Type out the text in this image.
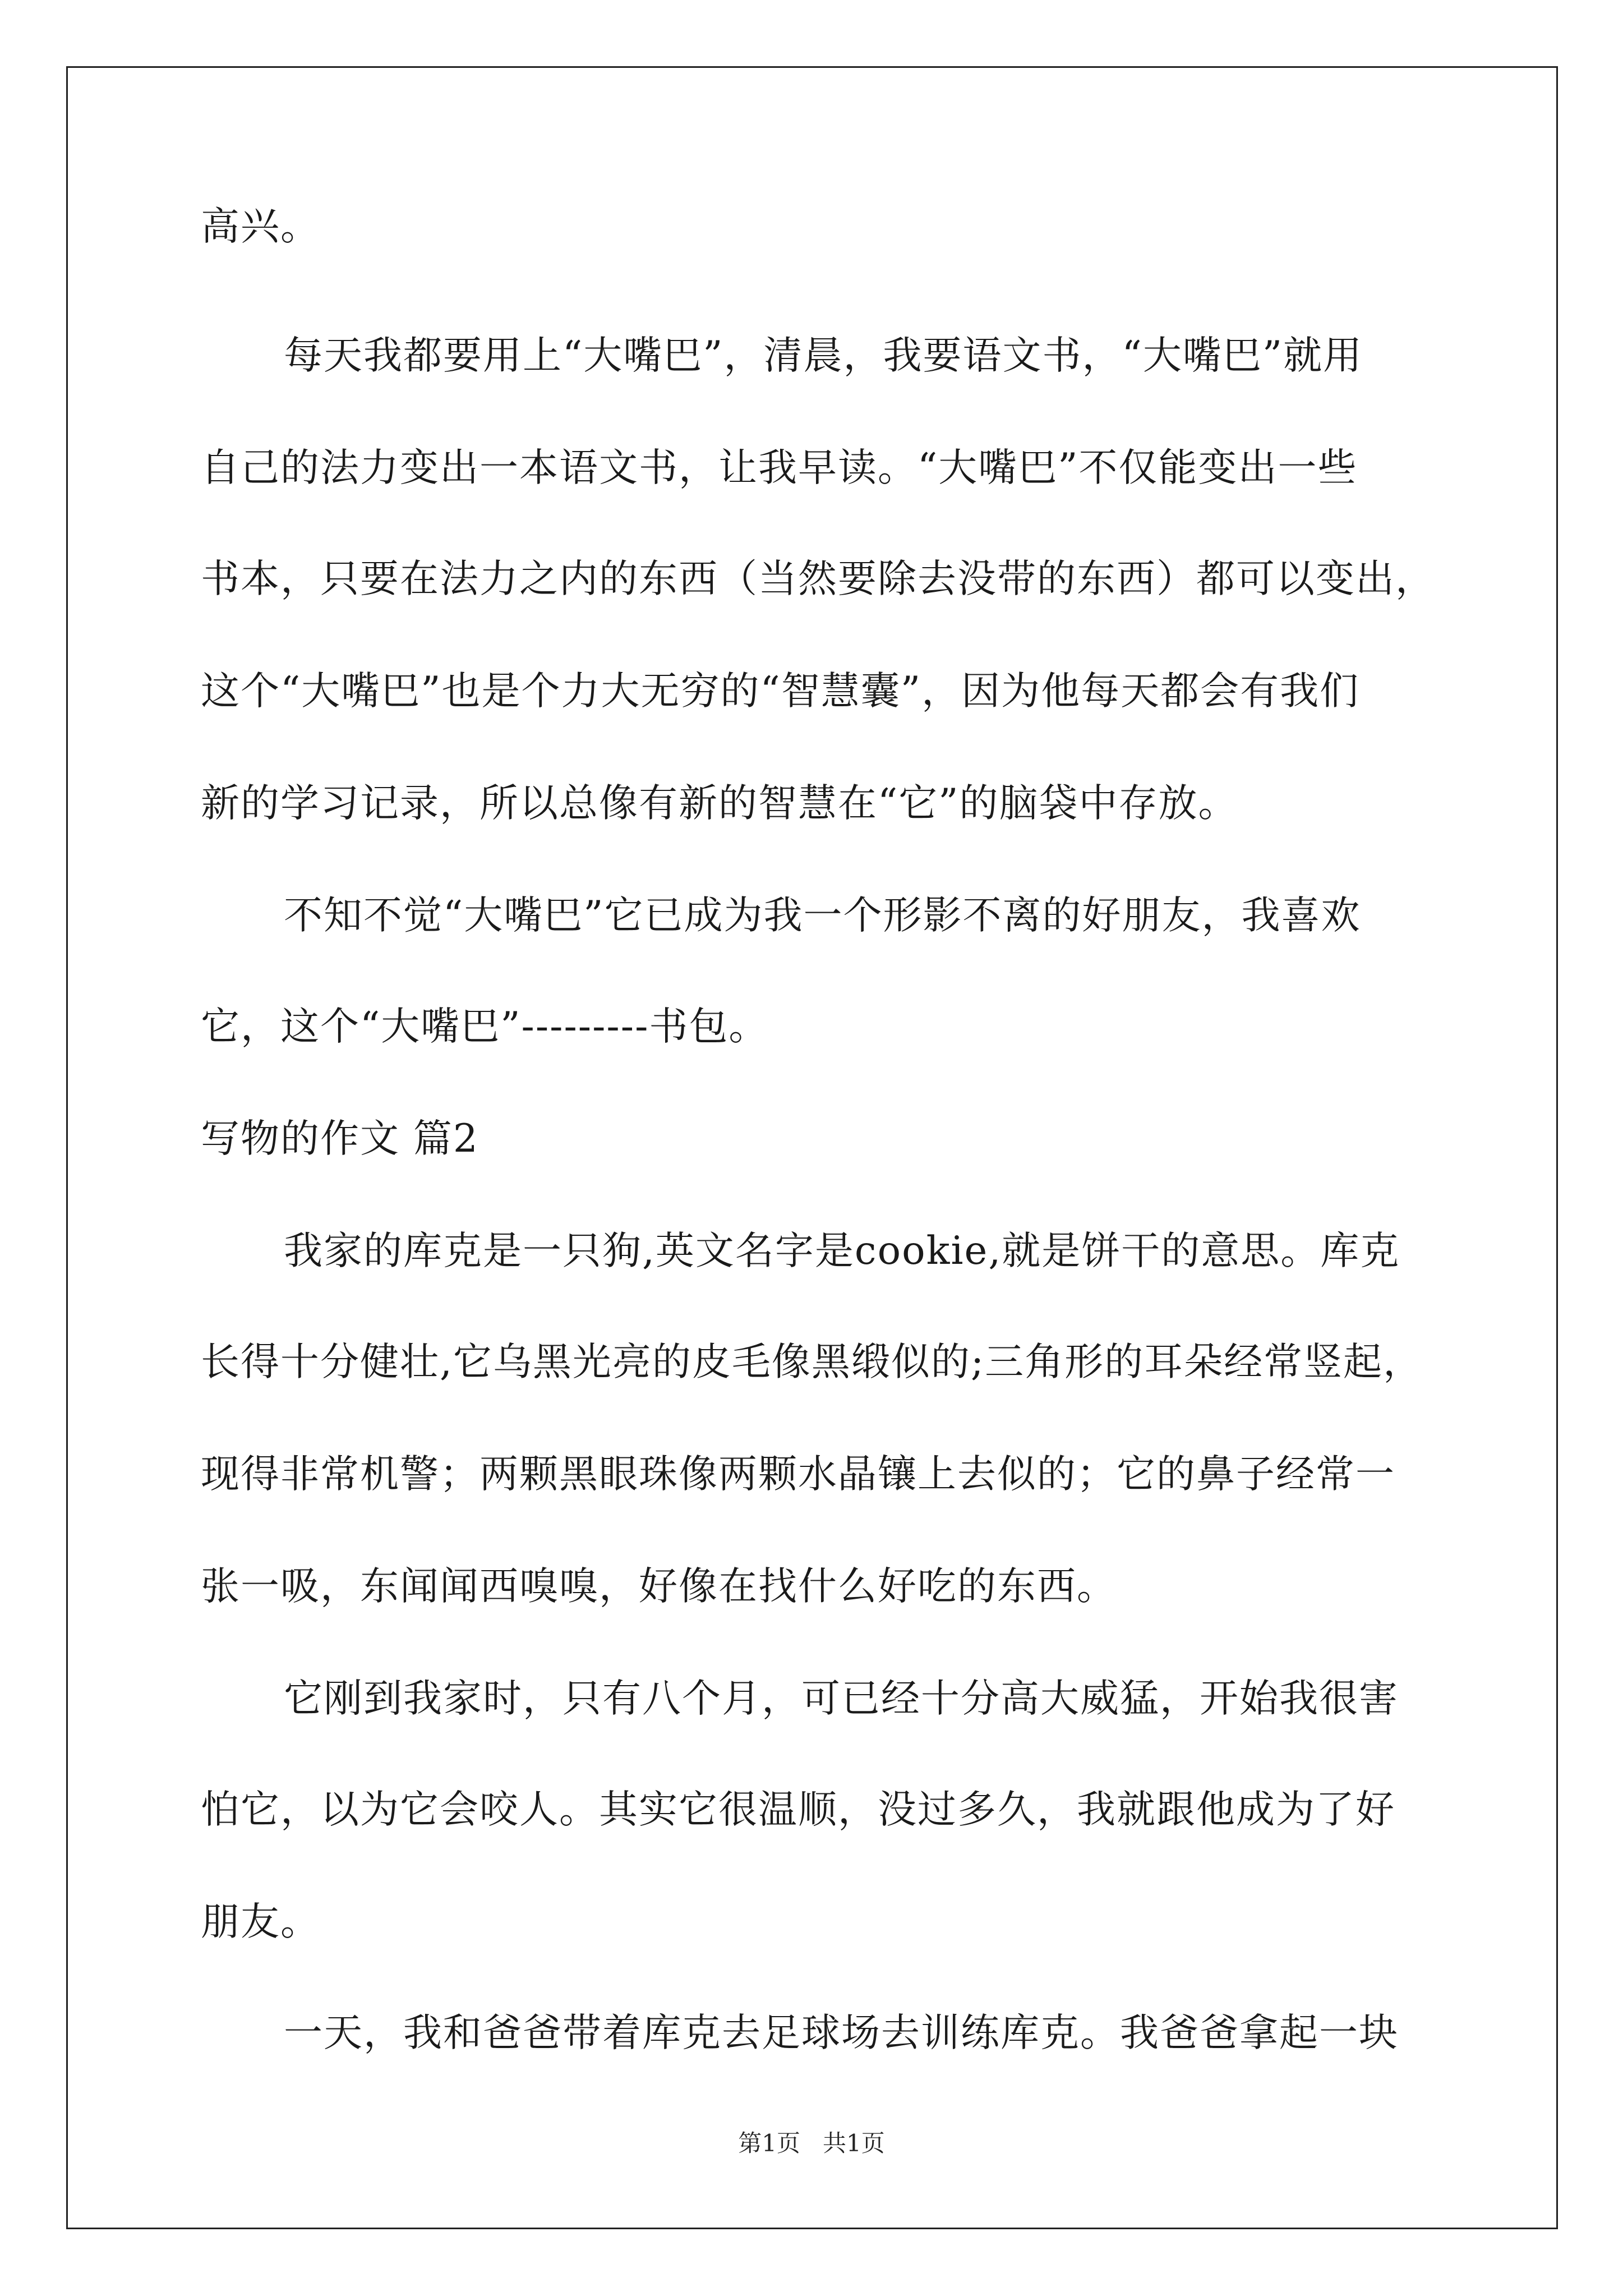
高兴。
每天我都要用上“大嘴巴”，清晨，我要语文书，“大嘴巴”就用
自己的法力变出一本语文书，让我早读。“大嘴巴”不仅能变出一些
书本，只要在法力之内的东西（当然要除去没带的东西）都可以变出，
这个“大嘴巴”也是个力大无穷的“智慧囊”，因为他每天都会有我们
新的学习记录，所以总像有新的智慧在“它”的脑袋中存放。
不知不觉“大嘴巴”它已成为我一个形影不离的好朋友，我喜欢
它，这个“大嘴巴”---------书包。
写物的作文 篇2
我家的库克是一只狗,英文名字是cookie,就是饼干的意思。库克
长得十分健壮,它乌黑光亮的皮毛像黑缎似的;三角形的耳朵经常竖起，
现得非常机警；两颗黑眼珠像两颗水晶镶上去似的；它的鼻子经常一
张一吸，东闻闻西嗅嗅，好像在找什么好吃的东西。
它刚到我家时，只有八个月，可已经十分高大威猛，开始我很害
怕它，以为它会咬人。其实它很温顺，没过多久，我就跟他成为了好
朋友。
一天，我和爸爸带着库克去足球场去训练库克。我爸爸拿起一块
第1页 共1页
